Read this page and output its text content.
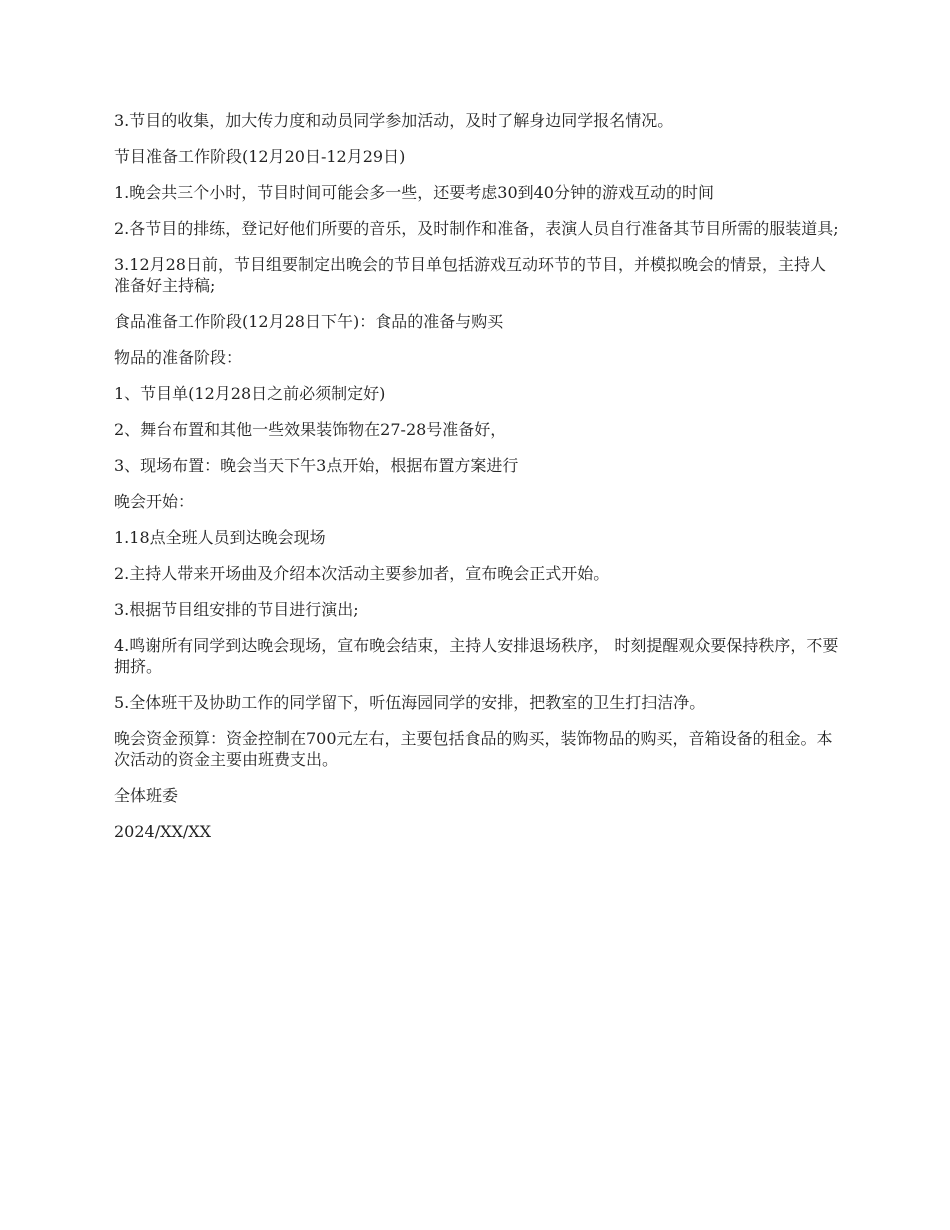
3.节目的收集，加大传力度和动员同学参加活动，及时了解身边同学报名情况。

节目准备工作阶段(12月20日-12月29日)

1.晚会共三个小时，节目时间可能会多一些，还要考虑30到40分钟的游戏互动的时间

2.各节目的排练，登记好他们所要的音乐，及时制作和准备，表演人员自行准备其节目所需的服装道具;

3.12月28日前，节目组要制定出晚会的节目单包括游戏互动环节的节目，并模拟晚会的情景，主持人准备好主持稿;

食品准备工作阶段(12月28日下午)：食品的准备与购买

物品的准备阶段：

1、节目单(12月28日之前必须制定好)

2、舞台布置和其他一些效果装饰物在27-28号准备好，

3、现场布置：晚会当天下午3点开始，根据布置方案进行

晚会开始：

1.18点全班人员到达晚会现场

2.主持人带来开场曲及介绍本次活动主要参加者，宣布晚会正式开始。

3.根据节目组安排的节目进行演出;

4.鸣谢所有同学到达晚会现场，宣布晚会结束，主持人安排退场秩序， 时刻提醒观众要保持秩序，不要拥挤。

5.全体班干及协助工作的同学留下，听伍海园同学的安排，把教室的卫生打扫洁净。

晚会资金预算：资金控制在700元左右，主要包括食品的购买，装饰物品的购买，音箱设备的租金。本次活动的资金主要由班费支出。

全体班委

2024/XX/XX
